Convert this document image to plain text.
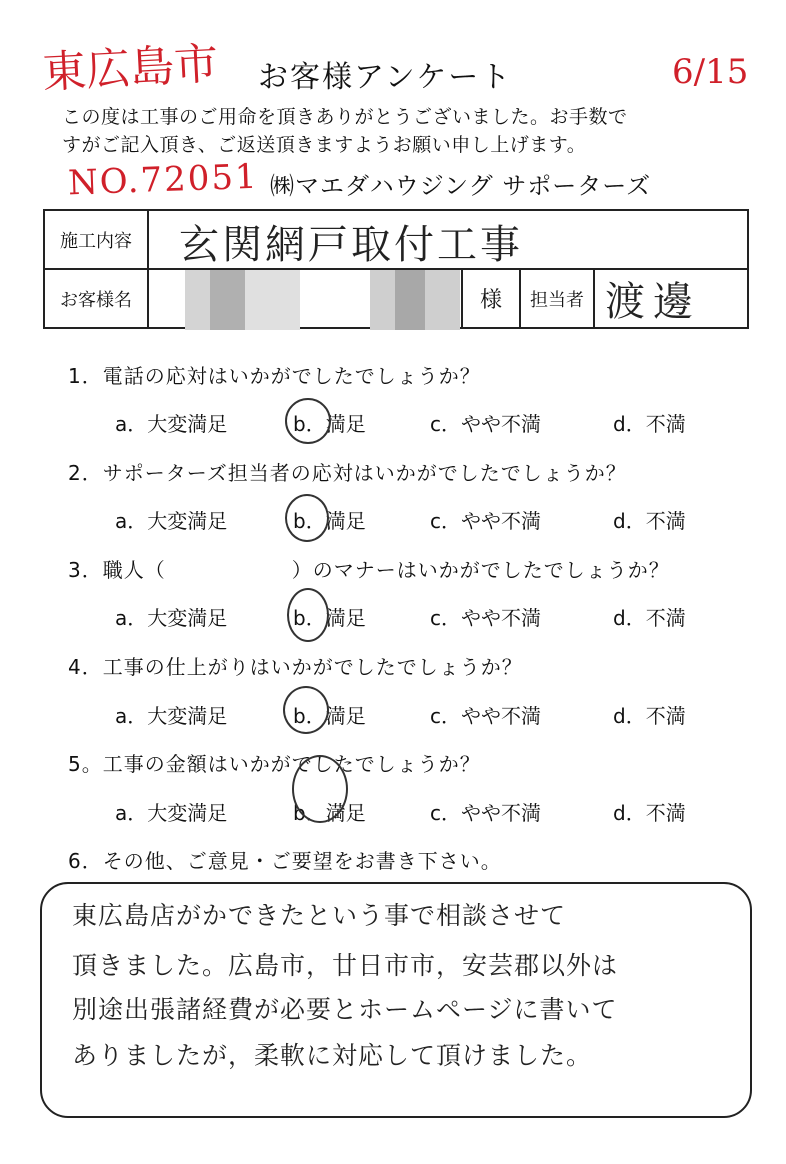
東広島市 お客様アンケート	6/15
この度は工事のご用命を頂きありがとうございました。お手数で
すがご記入頂き、ご返送頂きますようお願い申し上げます。
NO.72051 ㈱マエダハウジング サポーターズ
施工内容	玄関網戸取付工事			

お客様名		様	担当者	渡邊
1．電話の応対はいかがでしたでしょうか？
2．サポーターズ担当者の応対はいかがでしたでしょうか？
3．職人（　　　　　　）のマナーはいかがでしたでしょうか？
4．工事の仕上がりはいかがでしたでしょうか？
5。工事の金額はいかがでしたでしょうか？
a．大変満足	b．満足	c．やや不満	d．不満
a．大変満足	b．満足	c．やや不満	d．不満
a．大変満足	b．満足	c．やや不満	d．不満
a．大変満足	b．満足	c．やや不満	d．不満
a．大変満足	b．満足	c．やや不満	d．不満
6．その他、ご意見・ご要望をお書き下さい。
東広島店がかできたという事で相談させて
頂きました。広島市，廿日市市，安芸郡以外は
別途出張諸経費が必要とホームページに書いて
ありましたが，柔軟に対応して頂けました。
